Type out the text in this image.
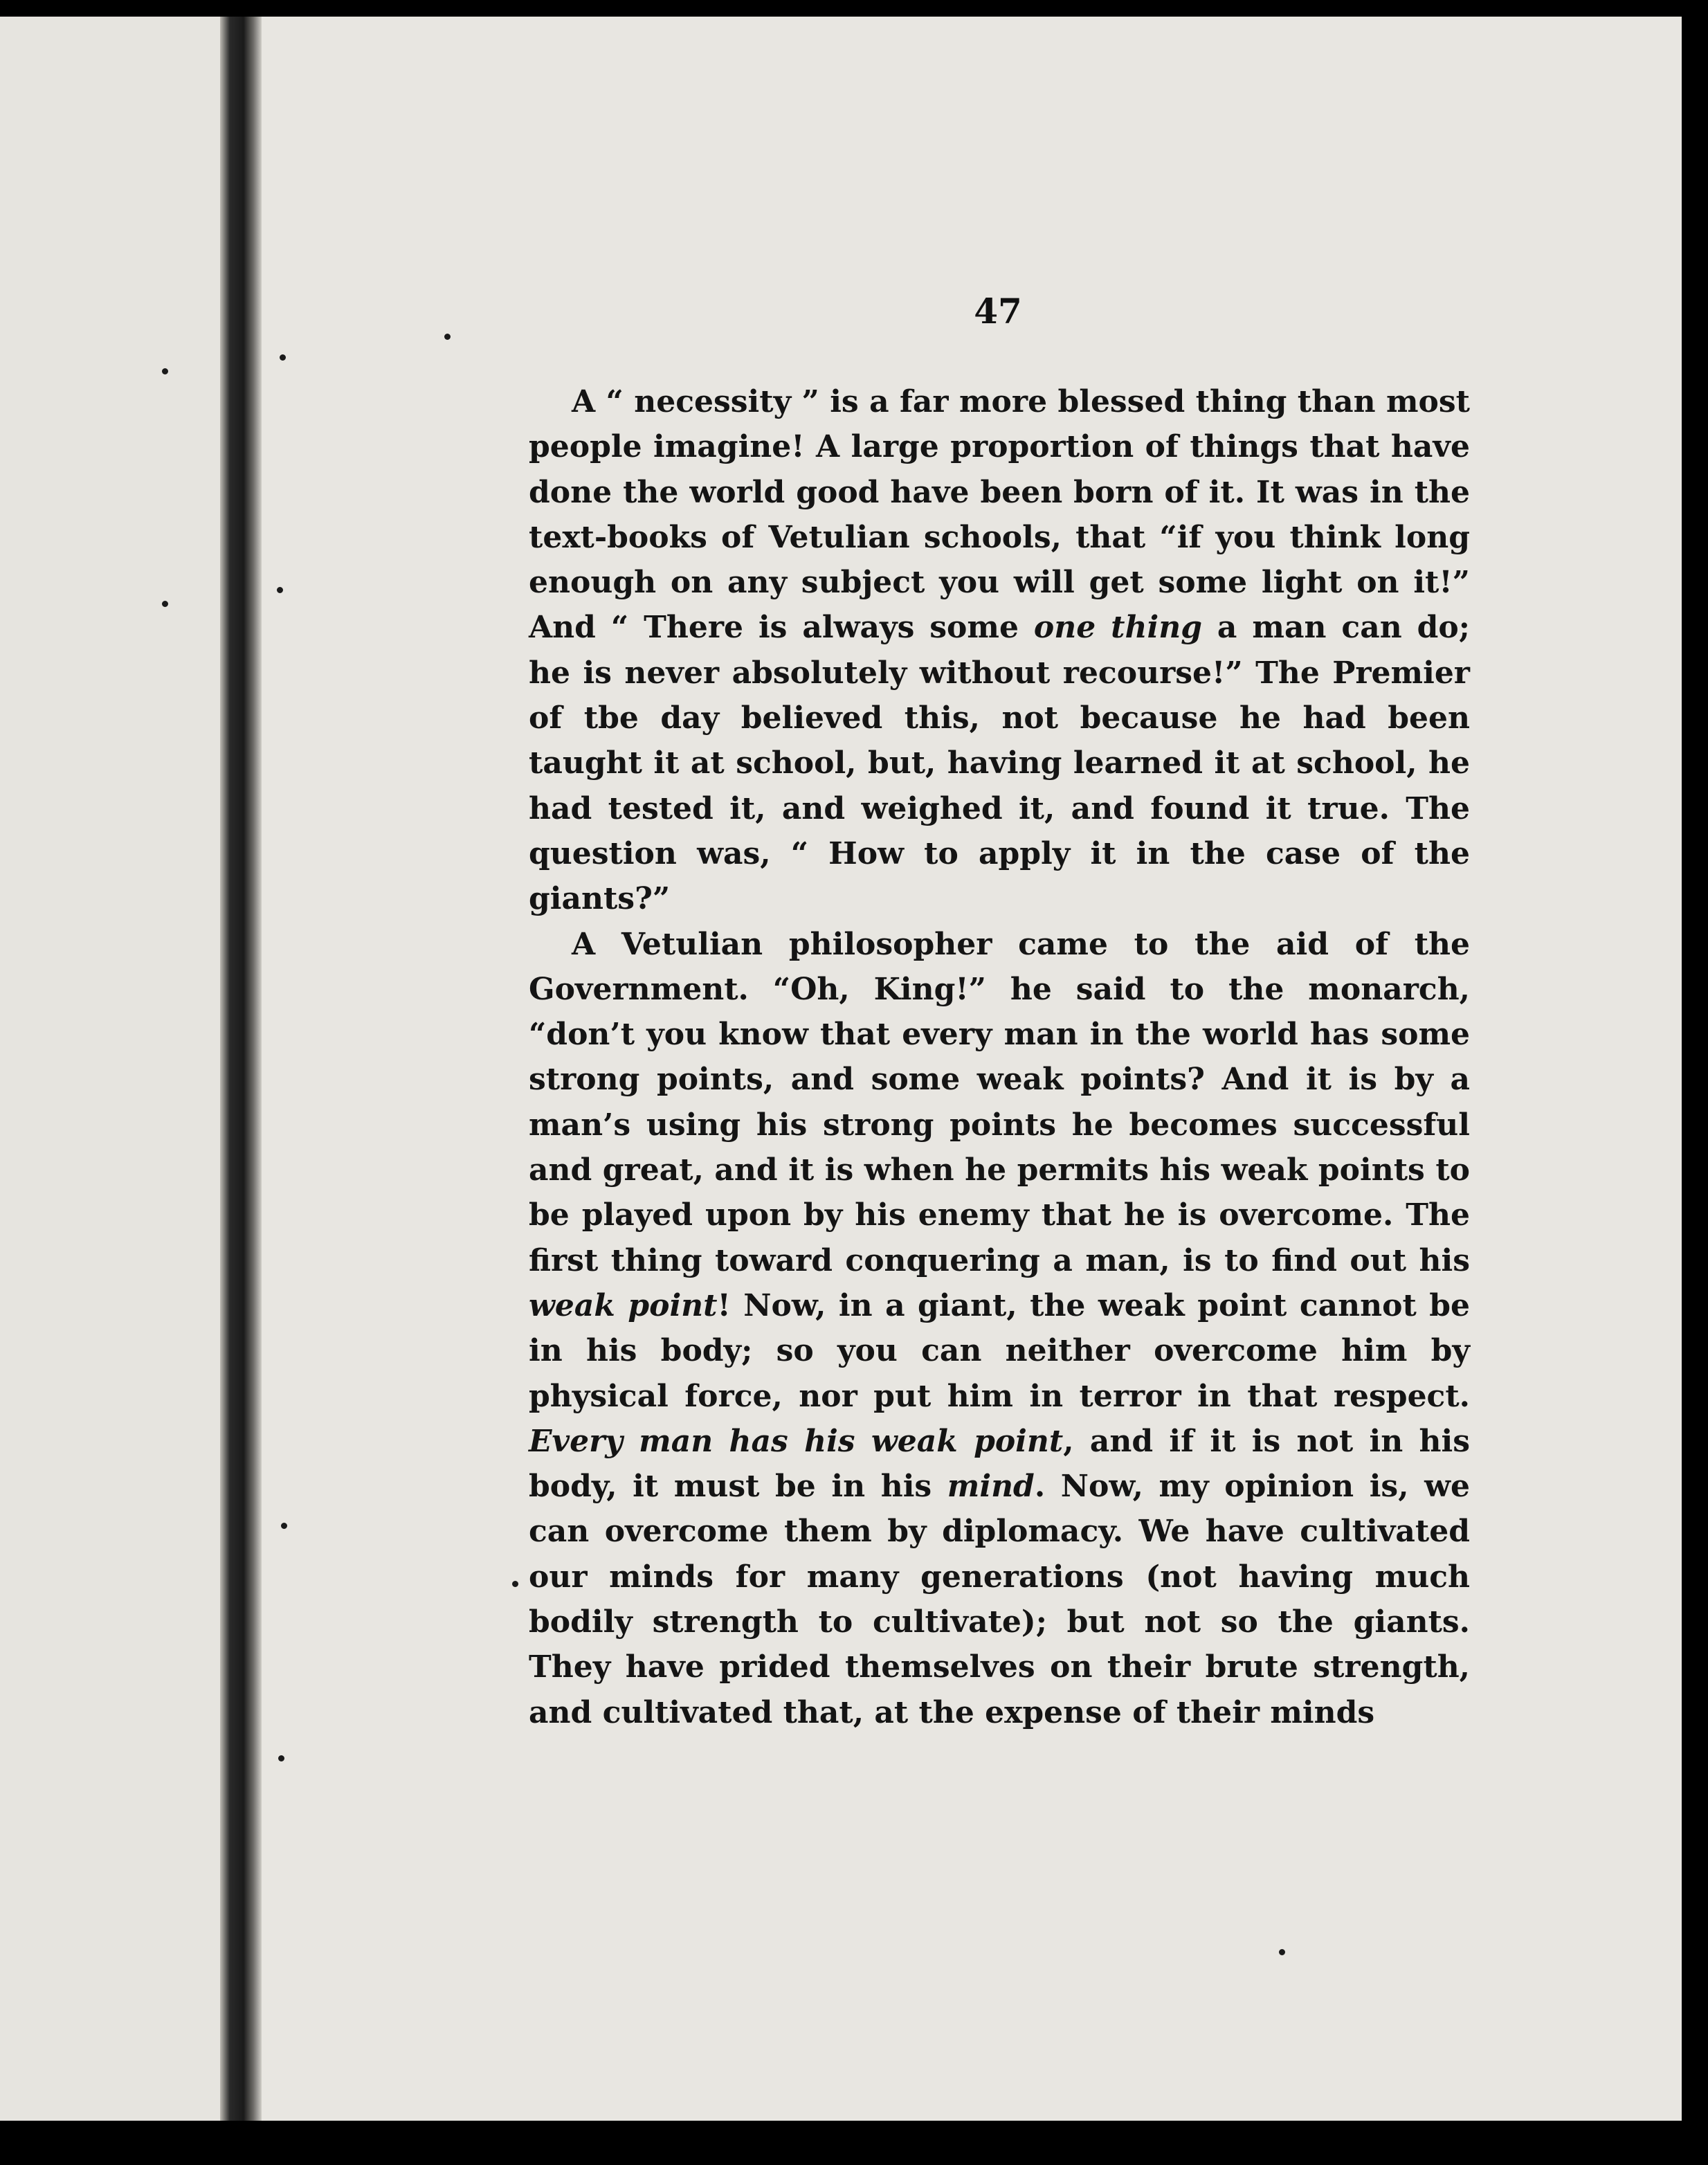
47

A “ necessity ” is a far more blessed thing than most people imagine! A large proportion of things that have done the world good have been born of it. It was in the text-books of Vetulian schools, that “if you think long enough on any subject you will get some light on it!” And “ There is always some one thing a man can do; he is never absolutely without recourse!” The Premier of tbe day believed this, not because he had been taught it at school, but, having learned it at school, he had tested it, and weighed it, and found it true. The question was, “ How to apply it in the case of the giants?”

A Vetulian philosopher came to the aid of the Government. “Oh, King!” he said to the monarch, “don’t you know that every man in the world has some strong points, and some weak points? And it is by a man’s using his strong points he becomes successful and great, and it is when he permits his weak points to be played upon by his enemy that he is overcome. The first thing toward conquering a man, is to find out his weak point! Now, in a giant, the weak point cannot be in his body; so you can neither overcome him by physical force, nor put him in terror in that respect. Every man has his weak point, and if it is not in his body, it must be in his mind. Now, my opinion is, we can overcome them by diplomacy. We have cultivated our minds for many generations (not having much bodily strength to cultivate); but not so the giants. They have prided themselves on their brute strength, and cultivated that, at the expense of their minds
